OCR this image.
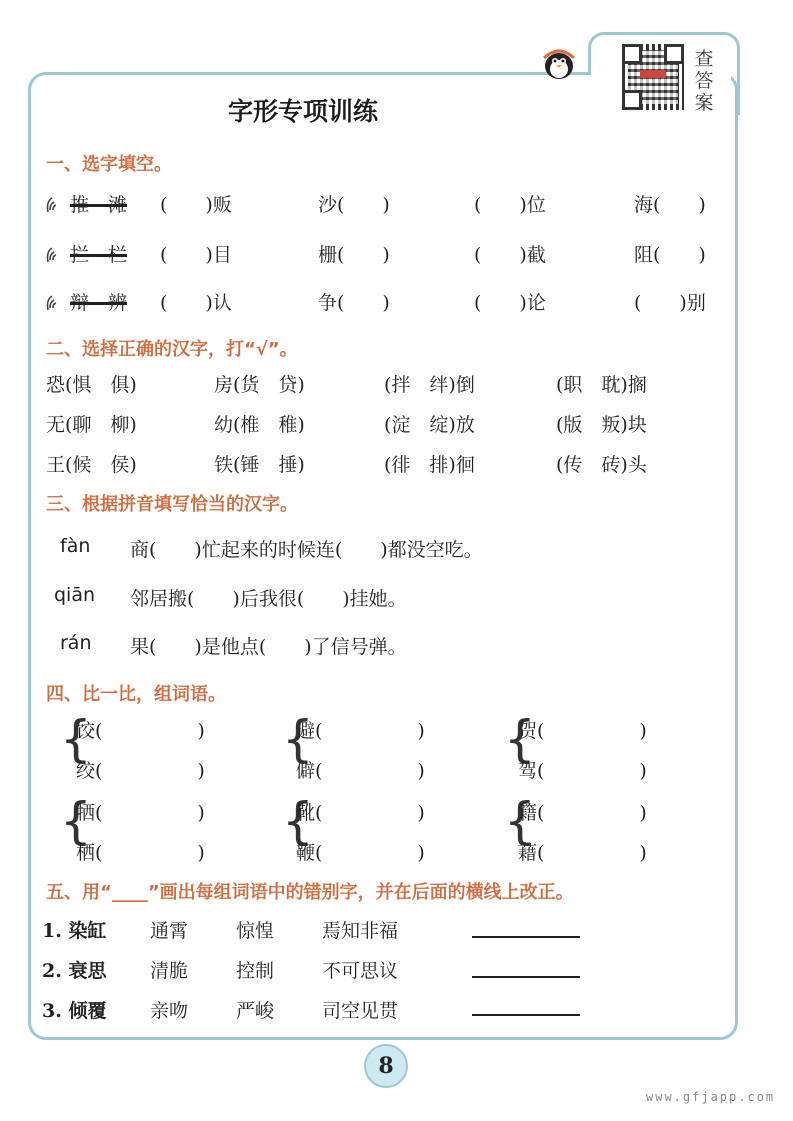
查答案
字形专项训练
一、选字填空。
推—滩 (　　)贩	沙(　　)	(　　)位	海(　　)
拦—栏 (　　)目	栅(　　)	(　　)截	阻(　　)
辩—辨 (　　)认	争(　　)	(　　)论	(　　)别
二、选择正确的汉字，打“√”。
恐(惧　俱)	房(货　贷)	(拌　绊)倒	(职　耽)搁
无(聊　柳)	幼(椎　稚)	(淀　绽)放	(版　叛)块
王(候　侯)	铁(锤　捶)	(徘　排)徊	(传　砖)头
三、根据拼音填写恰当的汉字。
fàn 商(　　)忙起来的时候连(　　)都没空吃。
qiān 邻居搬(　　)后我很(　　)挂她。
rán 果(　　)是他点(　　)了信号弹。
四、比一比，组词语。
{
饺(　　　　　)
绞(　　　　　)
{
避(　　　　　)
僻(　　　　　)
{
贺(　　　　　)
驾(　　　　　)
{
牺(　　　　　)
栖(　　　　　)
{
靴(　　　　　)
鞭(　　　　　)
{
籍(　　　　　)
藉(　　　　　)
五、用“____”画出每组词语中的错别字，并在后面的横线上改正。
1. 染缸 通霄	惊惶	焉知非福
2. 衰思 清脆	控制	不可思议
3. 倾覆 亲吻	严峻	司空见贯
8
www.gfjapp.com
